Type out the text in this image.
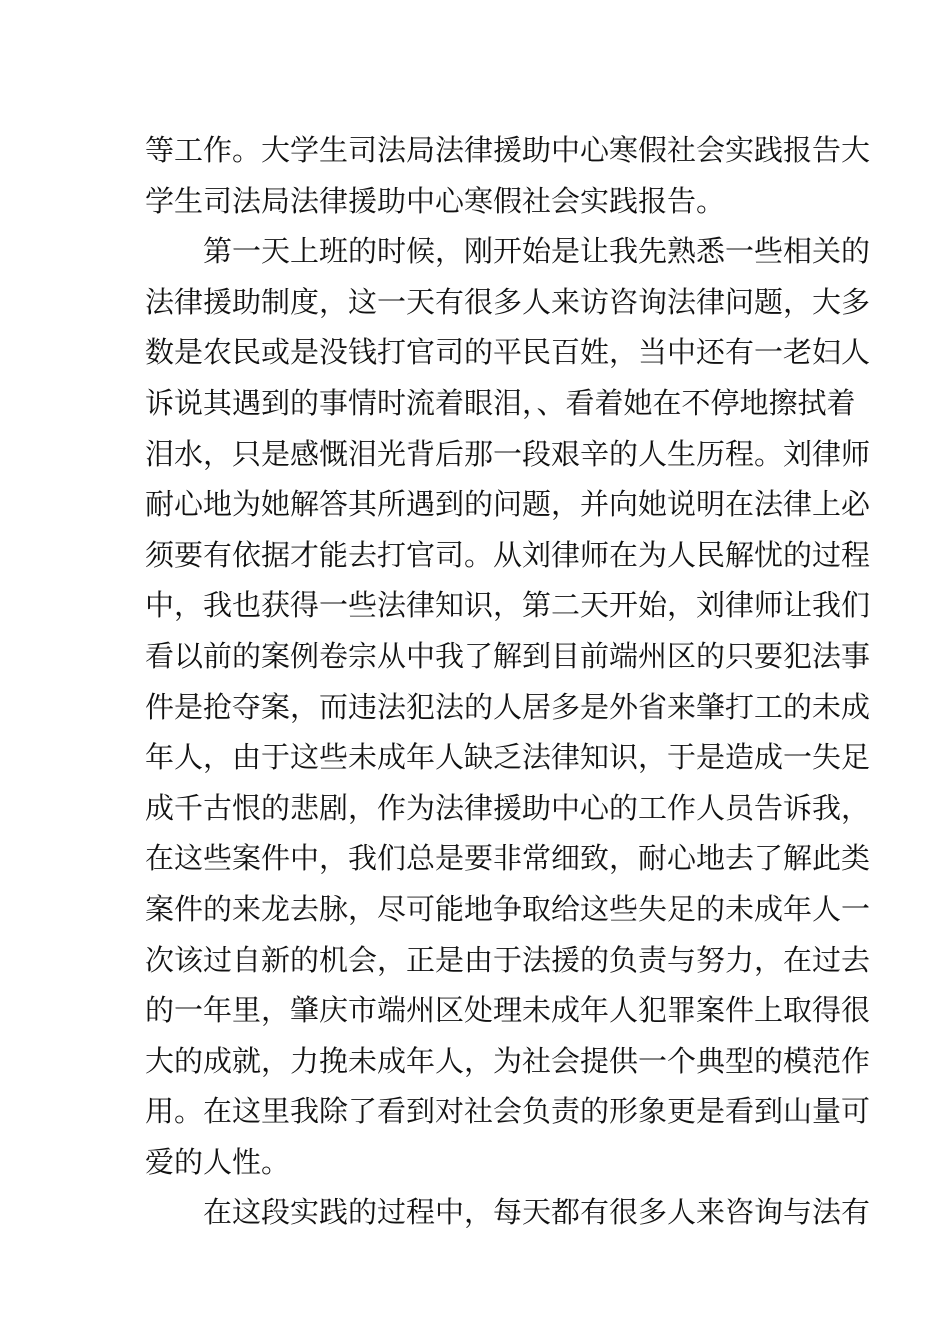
等工作。大学生司法局法律援助中心寒假社会实践报告大
学生司法局法律援助中心寒假社会实践报告。
第一天上班的时候，刚开始是让我先熟悉一些相关的
法律援助制度，这一天有很多人来访咨询法律问题，大多
数是农民或是没钱打官司的平民百姓，当中还有一老妇人
诉说其遇到的事情时流着眼泪，、看着她在不停地擦拭着
泪水，只是感慨泪光背后那一段艰辛的人生历程。刘律师
耐心地为她解答其所遇到的问题，并向她说明在法律上必
须要有依据才能去打官司。从刘律师在为人民解忧的过程
中，我也获得一些法律知识，第二天开始，刘律师让我们
看以前的案例卷宗从中我了解到目前端州区的只要犯法事
件是抢夺案，而违法犯法的人居多是外省来肇打工的未成
年人，由于这些未成年人缺乏法律知识，于是造成一失足
成千古恨的悲剧，作为法律援助中心的工作人员告诉我，
在这些案件中，我们总是要非常细致，耐心地去了解此类
案件的来龙去脉，尽可能地争取给这些失足的未成年人一
次该过自新的机会，正是由于法援的负责与努力，在过去
的一年里，肇庆市端州区处理未成年人犯罪案件上取得很
大的成就，力挽未成年人，为社会提供一个典型的模范作
用。在这里我除了看到对社会负责的形象更是看到山量可
爱的人性。
在这段实践的过程中，每天都有很多人来咨询与法有
